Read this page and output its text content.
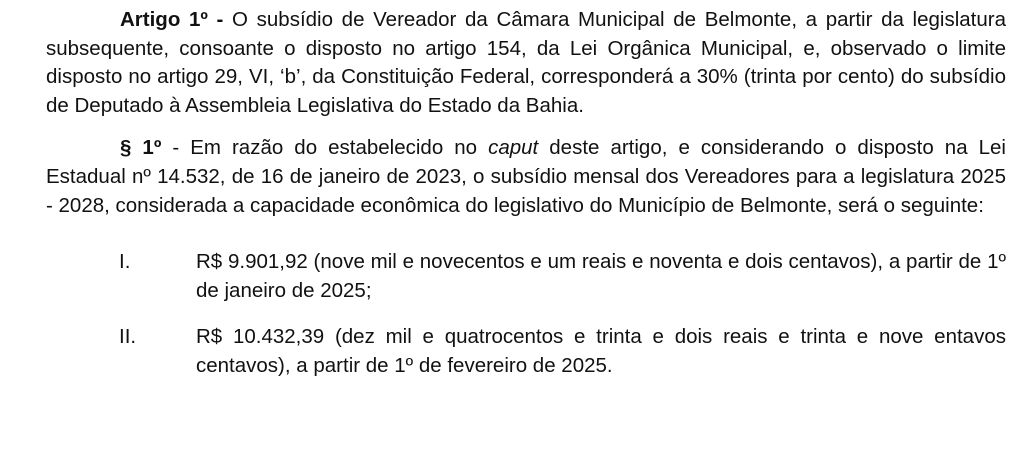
Artigo 1º - O subsídio de Vereador da Câmara Municipal de Belmonte, a partir da legislatura subsequente, consoante o disposto no artigo 154, da Lei Orgânica Municipal, e, observado o limite disposto no artigo 29, VI, ‘b’, da Constituição Federal, corresponderá a 30% (trinta por cento) do subsídio de Deputado à Assembleia Legislativa do Estado da Bahia.

§ 1º - Em razão do estabelecido no caput deste artigo, e considerando o disposto na Lei Estadual nº 14.532, de 16 de janeiro de 2023, o subsídio mensal dos Vereadores para a legislatura 2025 - 2028, considerada a capacidade econômica do legislativo do Município de Belmonte, será o seguinte:

I.	R$ 9.901,92 (nove mil e novecentos e um reais e noventa e dois centavos), a partir de 1º de janeiro de 2025;
II.	R$ 10.432,39 (dez mil e quatrocentos e trinta e dois reais e trinta e nove entavos centavos), a partir de 1º de fevereiro de 2025.
